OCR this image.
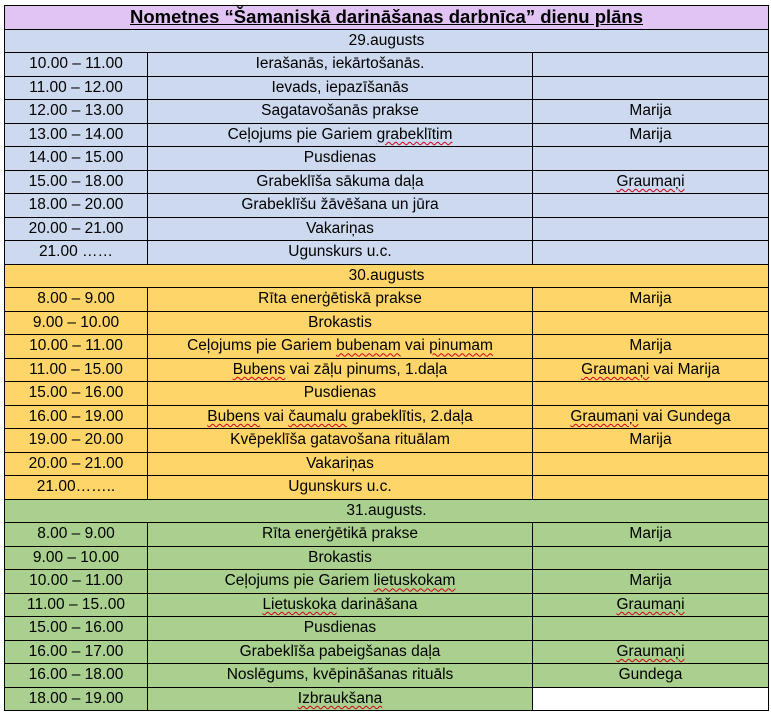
Nometnes “Šamaniskā darināšanas darbnīca” dienu plāns		
29.augusts		
10.00 – 11.00	Ierašanās, iekārtošanās.	
11.00 – 12.00	Ievads, iepazīšanās	
12.00 – 13.00	Sagatavošanās prakse	Marija
13.00 – 14.00	Ceļojums pie Gariem grabeklītim	Marija
14.00 – 15.00	Pusdienas	
15.00 – 18.00	Grabeklīša sākuma daļa	Graumaņi
18.00 – 20.00	Grabeklīšu žāvēšana un jūra	
20.00 – 21.00	Vakariņas	
21.00 ……	Ugunskurs u.c.	
30.augusts		
8.00 – 9.00	Rīta enerģētiskā prakse	Marija
9.00 – 10.00	Brokastis	
10.00 – 11.00	Ceļojums pie Gariem bubenam vai pinumam	Marija
11.00 – 15.00	Bubens vai zāļu pinums, 1.daļa	Graumaņi vai Marija
15.00 – 16.00	Pusdienas	
16.00 – 19.00	Bubens vai čaumalu grabeklītis, 2.daļa	Graumaņi vai Gundega
19.00 – 20.00	Kvēpeklīša gatavošana rituālam	Marija
20.00 – 21.00	Vakariņas	
21.00……..	Ugunskurs u.c.	
31.augusts.		
8.00 – 9.00	Rīta enerģētikā prakse	Marija
9.00 – 10.00	Brokastis	
10.00 – 11.00	Ceļojums pie Gariem lietuskokam	Marija
11.00 – 15..00	Lietuskoka darināšana	Graumaņi
15.00 – 16.00	Pusdienas	
16.00 – 17.00	Grabeklīša pabeigšanas daļa	Graumaņi
16.00 – 18.00	Noslēgums, kvēpināšanas rituāls	Gundega
18.00 – 19.00	Izbraukšana	
